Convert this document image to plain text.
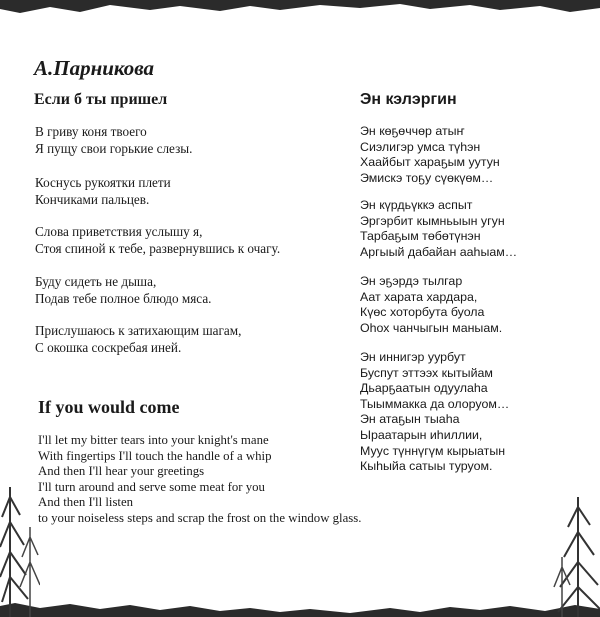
А.Парникова
Если б ты пришел	Эн кэлэргин
В гриву коня твоего
Я пущу свои горькие слезы.
Коснусь рукоятки плети
Кончиками пальцев.
Слова приветствия услышу я,
Стоя спиной к тебе, развернувшись к очагу.
Буду сидеть не дыша,
Подав тебе полное блюдо мяса.
Прислушаюсь к затихающим шагам,
С окошка соскребая иней.
Эн көҕөччөр атыҥ
Сиэлигэр умса түһэн
Хаайбыт хараҕым уутун
Эмискэ тоҕу сүөкүөм…
Эн күрдьүккэ аспыт
Эргэрбит кымньыын угун
Тарбаҕым төбөтүнэн
Аргыый дабайан ааһыам…
Эн эҕэрдэ тылгар
Аат харата хардара,
Күөс хоторбута буола
Оһох чанчыгын маныам.
Эн иннигэр уурбут
Буспут эттээх кытыйам
Дьарҕаатын одуулаһа
Тыыммакка да олоруом…
Эн атаҕын тыаһа
Ыраатарын иһиллии,
Мууc түннүгүм кырыатын
Кыһыйа сатыы туруом.
If you would come
I'll let my bitter tears into your knight's mane
With fingertips I'll touch the handle of a whip
And then I'll hear your greetings
I'll turn around and serve some meat for you
And then I'll listen
to your noiseless steps and scrap the frost on the window glass.
